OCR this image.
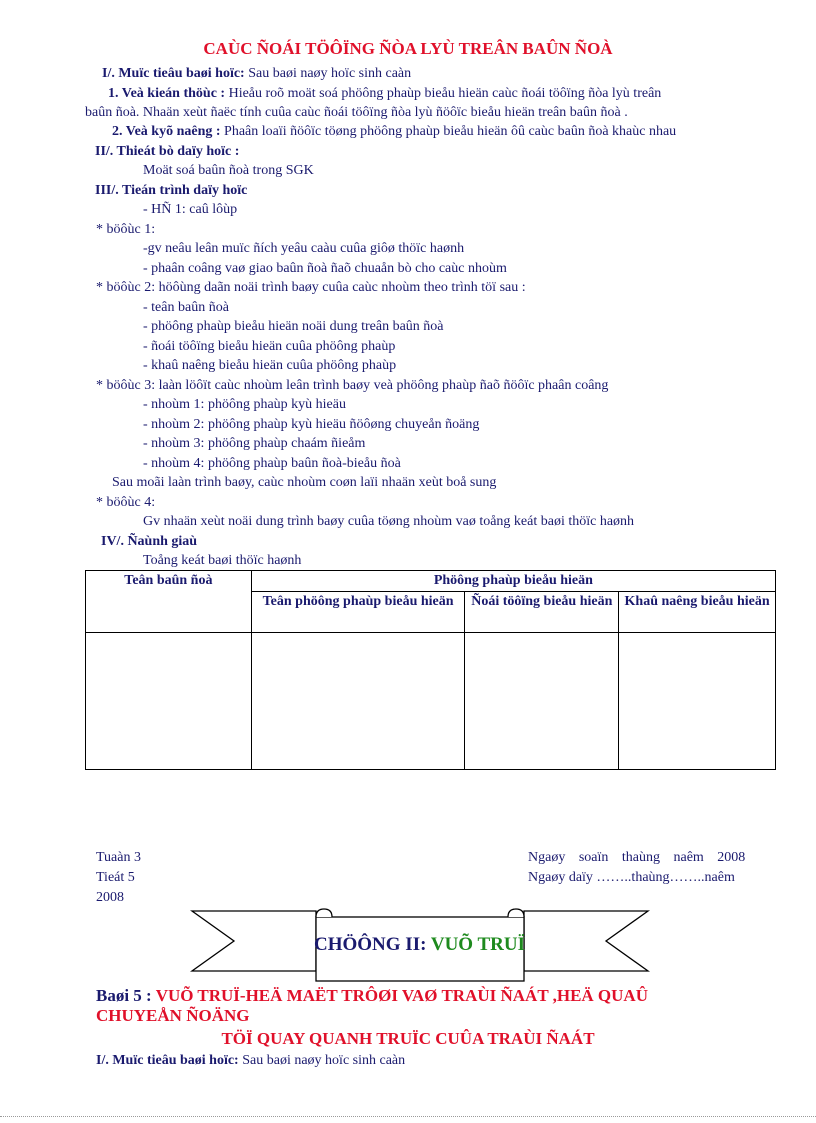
CAÙC ÑOÁI TÖÔÏNG ÑÒA LYÙ TREÂN BAÛN ÑOÀ
I/. Muïc tieâu baøi hoïc: Sau baøi naøy hoïc sinh caàn
1. Veà kieán thöùc : Hieåu roõ moät soá phöông phaùp bieåu hieän caùc ñoái töôïng ñòa lyù treân
baûn ñoà. Nhaän xeùt ñaëc tính cuûa caùc ñoái töôïng ñòa lyù ñöôïc bieåu hieän treân baûn ñoà .
2. Veà kyõ naêng : Phaân loaïi ñöôïc töøng phöông phaùp bieåu hieän ôû caùc baûn ñoà khaùc nhau
II/. Thieát bò daïy hoïc :
Moät soá baûn ñoà trong SGK
III/. Tieán trình daïy hoïc
- HÑ 1: caû lôùp
* böôùc 1:
-gv neâu leân muïc ñích yeâu caàu cuûa giôø thöïc haønh
- phaân coâng vaø giao baûn ñoà ñaõ chuaån bò cho caùc nhoùm
* böôùc 2: höôùng daãn noäi trình baøy cuûa caùc nhoùm theo trình töï sau :
- teân baûn ñoà
- phöông phaùp bieåu hieän noäi dung treân baûn ñoà
- ñoái töôïng bieåu hieän cuûa phöông phaùp
- khaû naêng bieåu hieän cuûa phöông phaùp
* böôùc 3: laàn löôït caùc nhoùm leân trình baøy veà phöông phaùp ñaõ ñöôïc phaân coâng
- nhoùm 1: phöông phaùp kyù hieäu
- nhoùm 2: phöông phaùp kyù hieäu ñöôøng chuyeån ñoäng
- nhoùm 3: phöông phaùp chaám ñieåm
- nhoùm 4: phöông phaùp baûn ñoà-bieåu ñoà
Sau moãi laàn trình baøy, caùc nhoùm coøn laïi nhaän xeùt boå sung
* böôùc 4:
Gv nhaän xeùt noäi dung trình baøy cuûa töøng nhoùm vaø toång keát baøi thöïc haønh
IV/. Ñaùnh giaù
Toång keát baøi thöïc haønh
Teân baûn ñoà	Phöông phaùp bieåu hieän		
	Teân phöông phaùp bieåu hieän	Ñoái töôïng bieåu hieän	Khaû naêng bieåu hieän

Tuaàn 3
Tieát 5
2008
Ngaøy soaïn thaùng naêm 2008
Ngaøy daïy ……..thaùng……..naêm
CHÖÔNG II: VUÕ TRUÏ
Baøi 5 : VUÕ TRUÏ-HEÄ MAËT TRÔØI VAØ TRAÙI ÑAÁT ,HEÄ QUAÛ
CHUYEÅN ÑOÄNG
TÖÏ QUAY QUANH TRUÏC CUÛA TRAÙI ÑAÁT
I/. Muïc tieâu baøi hoïc: Sau baøi naøy hoïc sinh caàn
